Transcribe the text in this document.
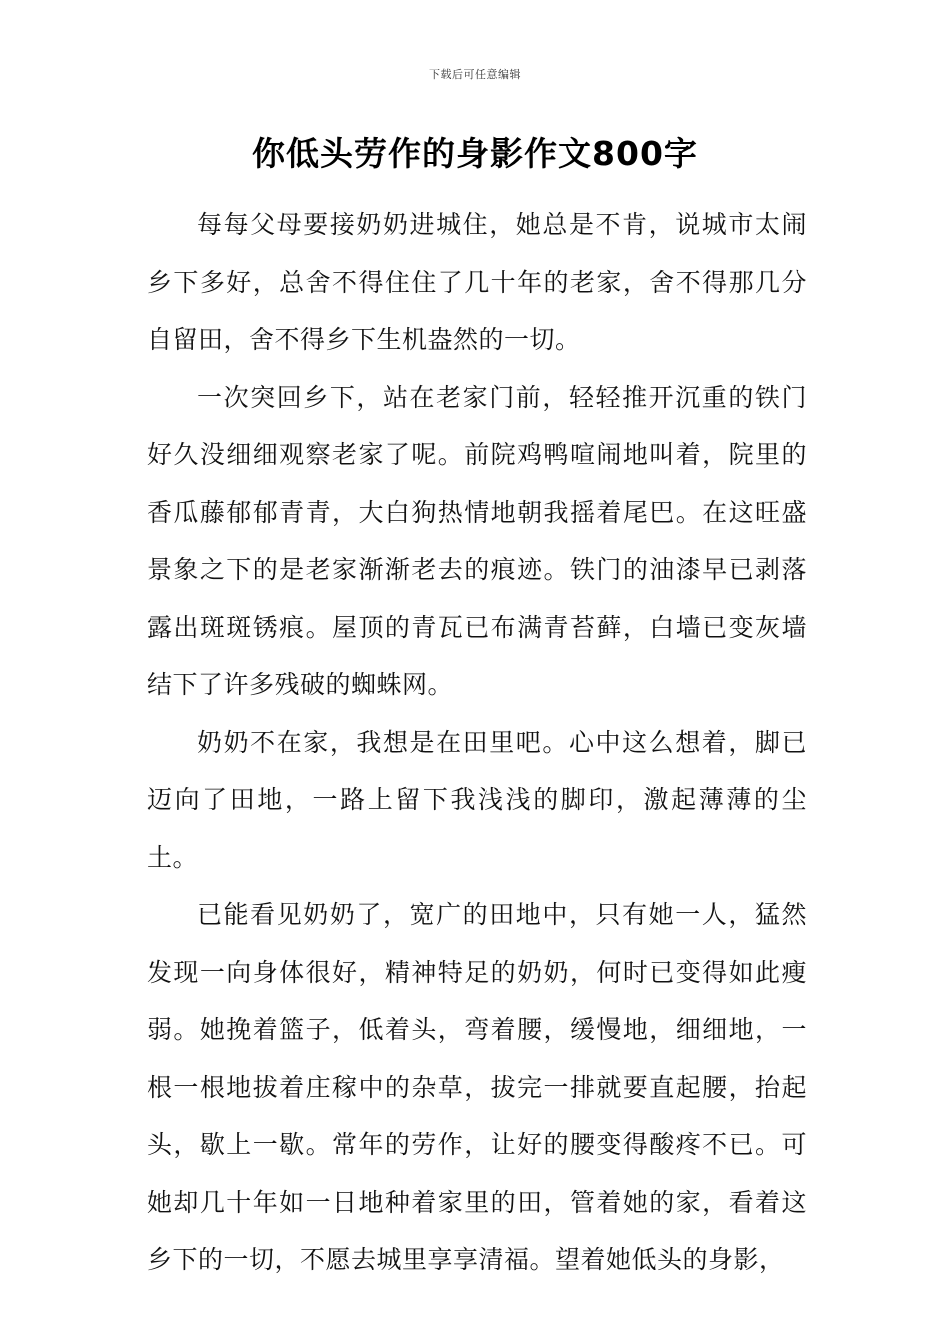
下载后可任意编辑
你低头劳作的身影作文800字

每每父母要接奶奶进城住，她总是不肯，说城市太闹乡下多好，总舍不得住住了几十年的老家，舍不得那几分自留田，舍不得乡下生机盎然的一切。

一次突回乡下，站在老家门前，轻轻推开沉重的铁门好久没细细观察老家了呢。前院鸡鸭喧闹地叫着，院里的香瓜藤郁郁青青，大白狗热情地朝我摇着尾巴。在这旺盛景象之下的是老家渐渐老去的痕迹。铁门的油漆早已剥落露出斑斑锈痕。屋顶的青瓦已布满青苔藓，白墙已变灰墙结下了许多残破的蜘蛛网。

奶奶不在家，我想是在田里吧。心中这么想着，脚已迈向了田地，一路上留下我浅浅的脚印，激起薄薄的尘土。

已能看见奶奶了，宽广的田地中，只有她一人，猛然发现一向身体很好，精神特足的奶奶，何时已变得如此瘦弱。她挽着篮子，低着头，弯着腰，缓慢地，细细地，一根一根地拔着庄稼中的杂草，拔完一排就要直起腰，抬起头，歇上一歇。常年的劳作，让好的腰变得酸疼不已。可她却几十年如一日地种着家里的田，管着她的家，看着这乡下的一切，不愿去城里享享清福。望着她低头的身影，
